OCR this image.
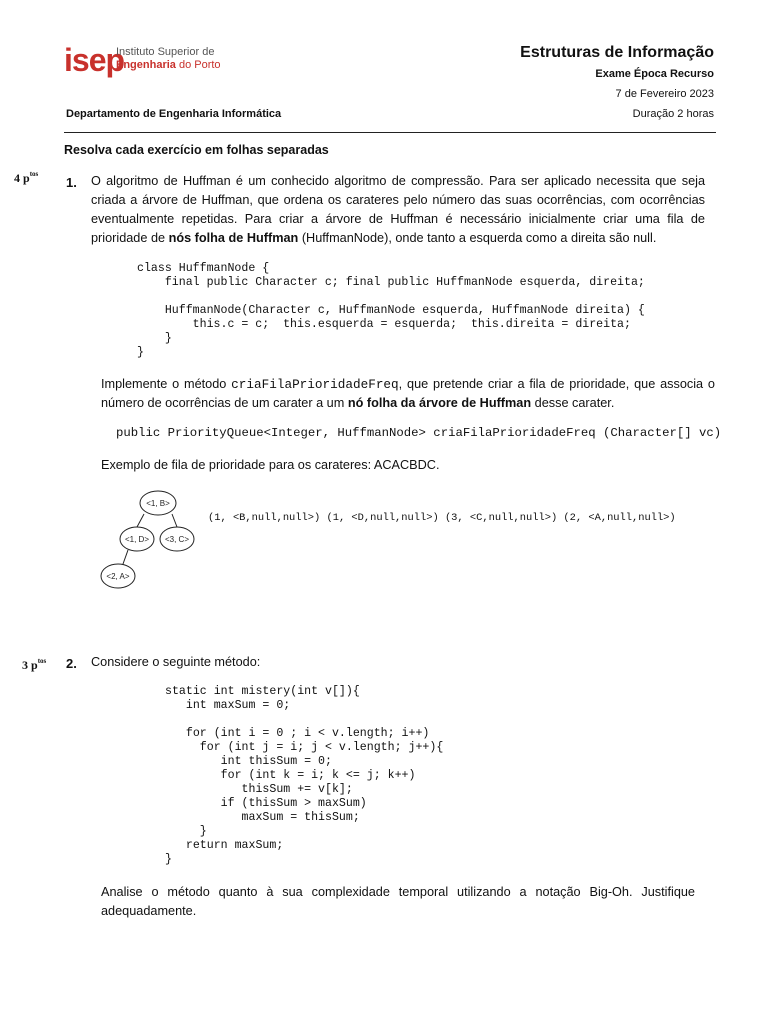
isep
Instituto Superior de
Engenharia do Porto
Estruturas de Informação
Exame Época Recurso
7 de Fevereiro 2023
Departamento de Engenharia Informática	Duração 2 horas
Resolva cada exercício em folhas separadas
4 $p^{tos}$
1. O algoritmo de Huffman é um conhecido algoritmo de compressão. Para ser aplicado necessita que seja criada a árvore de Huffman, que ordena os carateres pelo número das suas ocorrências, com ocorrências eventualmente repetidas. Para criar a árvore de Huffman é necessário inicialmente criar uma fila de prioridade de nós folha de Huffman (HuffmanNode), onde tanto a esquerda como a direita são null.
class HuffmanNode {
final public Character c; final public HuffmanNode esquerda, direita;

HuffmanNode(Character c, HuffmanNode esquerda, HuffmanNode direita) {
this.c = c;  this.esquerda = esquerda;  this.direita = direita;
}
}
Implemente o método criaFilaPrioridadeFreq, que pretende criar a fila de prioridade, que associa o número de ocorrências de um carater a um nó folha da árvore de Huffman desse carater.
public PriorityQueue<Integer, HuffmanNode> criaFilaPrioridadeFreq (Character[] vc)
Exemplo de fila de prioridade para os carateres: ACACBDC.
<1, B>
<1, D> <3, C>
<2, A>
(1, <B,null,null>) (1, <D,null,null>) (3, <C,null,null>) (2, <A,null,null>)
3 $p^{tos}$ 2. Considere o seguinte método:
static int mistery(int v[]){
int maxSum = 0;

for (int i = 0 ; i < v.length; i++)
for (int j = i; j < v.length; j++){
int thisSum = 0;
for (int k = i; k <= j; k++)
thisSum += v[k];
if (thisSum > maxSum)
maxSum = thisSum;
}
return maxSum;
}
Analise o método quanto à sua complexidade temporal utilizando a notação Big-Oh. Justifique adequadamente.
